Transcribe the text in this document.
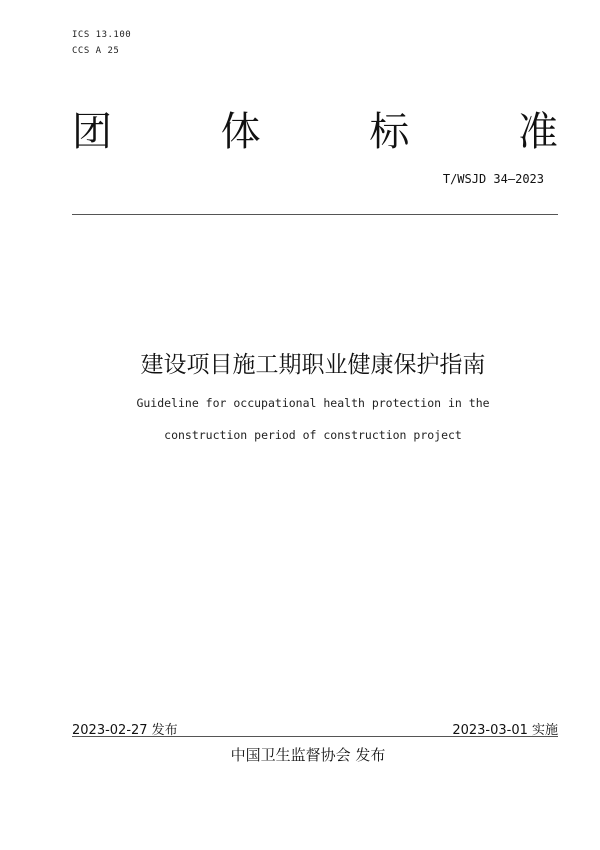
ICS 13.100
CCS A 25
团	体	标	准
T/WSJD 34—2023
建设项目施工期职业健康保护指南
Guideline for occupational health protection in the
construction period of construction project
2023-02-27 发布	2023-03-01 实施
中国卫生监督协会 发布
